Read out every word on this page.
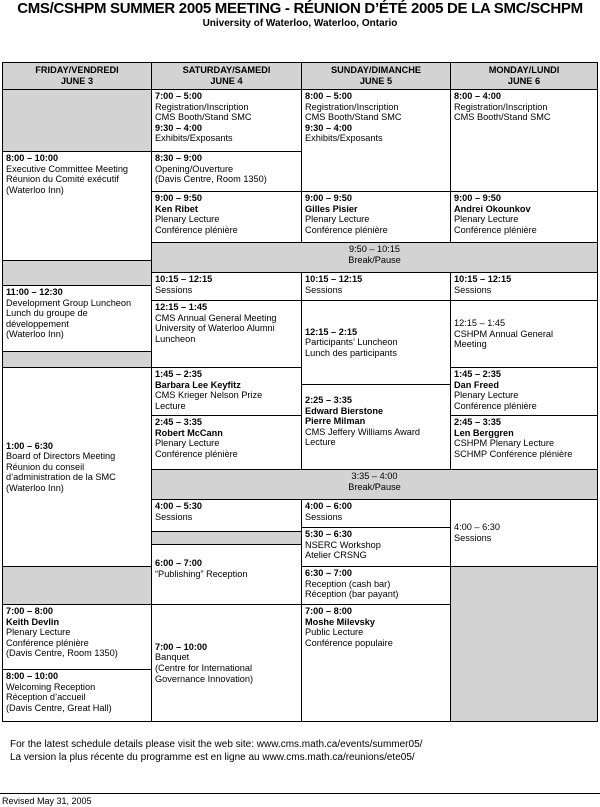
CMS/CSHPM SUMMER 2005 MEETING - RÉUNION D’ÉTÉ 2005 DE LA SMC/SCHPM
University of Waterloo, Waterloo, Ontario
FRIDAY/VENDREDI
JUNE 3
SATURDAY/SAMEDI
JUNE 4
SUNDAY/DIMANCHE
JUNE 5
MONDAY/LUNDI
JUNE 6
8:00 – 10:00
Executive Committee Meeting
Réunion du Comité exécutif
(Waterloo Inn)
11:00 – 12:30
Development Group Luncheon
Lunch du groupe de
développement
(Waterloo Inn)
1:00 – 6:30
Board of Directors Meeting
Réunion du conseil
d’administration de la SMC
(Waterloo Inn)
7:00 – 8:00
Keith Devlin
Plenary Lecture
Conférence plénière
(Davis Centre, Room 1350)
8:00 – 10:00
Welcoming Reception
Réception d’accueil
(Davis Centre, Great Hall)
7:00 – 5:00
Registration/Inscription
CMS Booth/Stand SMC
9:30 – 4:00
Exhibits/Exposants
8:30 – 9:00
Opening/Ouverture
(Davis Centre, Room 1350)
9:00 – 9:50
Ken Ribet
Plenary Lecture
Conférence plénière
10:15 – 12:15
Sessions
12:15 – 1:45
CMS Annual General Meeting
University of Waterloo Alumni
Luncheon
1:45 – 2:35
Barbara Lee Keyfitz
CMS Krieger Nelson Prize
Lecture
2:45 – 3:35
Robert McCann
Plenary Lecture
Conférence plénière
4:00 – 5:30
Sessions
6:00 – 7:00
“Publishing” Reception
7:00 – 10:00
Banquet
(Centre for International
Governance Innovation)
8:00 – 5:00
Registration/Inscription
CMS Booth/Stand SMC
9:30 – 4:00
Exhibits/Exposants
9:00 – 9:50
Gilles Pisier
Plenary Lecture
Conférence plénière
10:15 – 12:15
Sessions
12:15 – 2:15
Participants’ Luncheon
Lunch des participants
2:25 – 3:35
Edward Bierstone
Pierre Milman
CMS Jeffery Williams Award
Lecture
4:00 – 6:00
Sessions
5:30 – 6:30
NSERC Workshop
Atelier CRSNG
6:30 – 7:00
Reception (cash bar)
Réception (bar payant)
7:00 – 8:00
Moshe Milevsky
Public Lecture
Conférence populaire
8:00 – 4:00
Registration/Inscription
CMS Booth/Stand SMC
9:00 – 9:50
Andrei Okounkov
Plenary Lecture
Conférence plénière
10:15 – 12:15
Sessions
12:15 – 1:45
CSHPM Annual General
Meeting
1:45 – 2:35
Dan Freed
Plenary Lecture
Conférence plénière
2:45 – 3:35
Len Berggren
CSHPM Plenary Lecture
SCHMP Conférence plénière
4:00 – 6:30
Sessions
9:50 – 10:15
Break/Pause
3:35 – 4:00
Break/Pause
For the latest schedule details please visit the web site: www.cms.math.ca/events/summer05/
La version la plus récente du programme est en ligne au www.cms.math.ca/reunions/ete05/
Revised May 31, 2005
